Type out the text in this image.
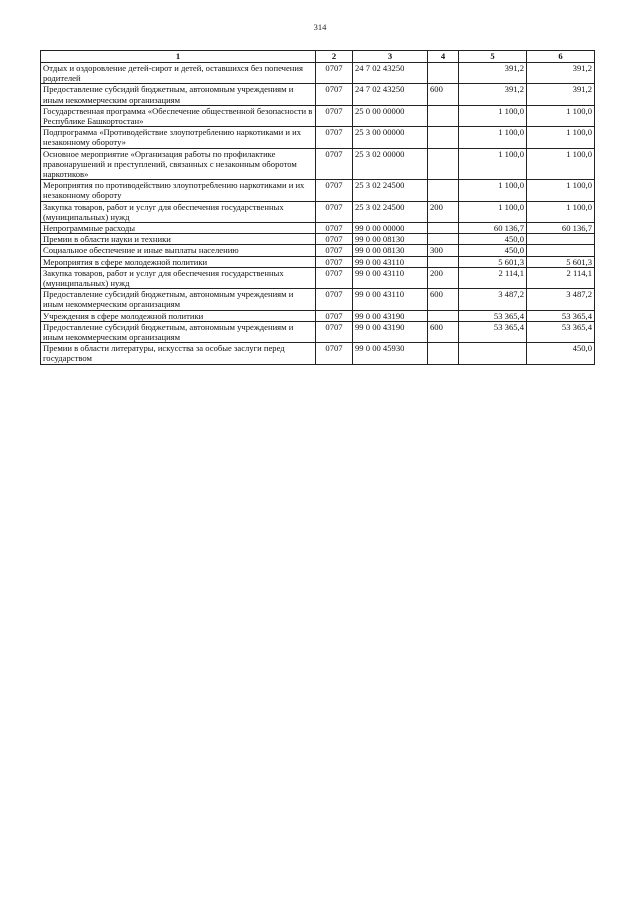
314
1	2	3	4	5	6
Отдых и оздоровление детей-сирот и детей, оставшихся без попечения родителей	0707	24 7 02 43250		391,2	391,2
Предоставление субсидий бюджетным, автономным учреждениям и иным некоммерческим организациям	0707	24 7 02 43250	600	391,2	391,2
Государственная программа «Обеспечение общественной безопасности в Республике Башкортостан»	0707	25 0 00 00000		1 100,0	1 100,0
Подпрограмма «Противодействие злоупотреблению наркотиками и их незаконному обороту»	0707	25 3 00 00000		1 100,0	1 100,0
Основное мероприятие «Организация работы по профилактике правонарушений и преступлений, связанных с незаконным оборотом наркотиков»	0707	25 3 02 00000		1 100,0	1 100,0
Мероприятия по противодействию злоупотреблению наркотиками и их незаконному обороту	0707	25 3 02 24500		1 100,0	1 100,0
Закупка товаров, работ и услуг для обеспечения государственных (муниципальных) нужд	0707	25 3 02 24500	200	1 100,0	1 100,0
Непрограммные расходы	0707	99 0 00 00000		60 136,7	60 136,7
Премии в области науки и техники	0707	99 0 00 08130		450,0	
Социальное обеспечение и иные выплаты населению	0707	99 0 00 08130	300	450,0	
Мероприятия в сфере молодежной политики	0707	99 0 00 43110		5 601,3	5 601,3
Закупка товаров, работ и услуг для обеспечения государственных (муниципальных) нужд	0707	99 0 00 43110	200	2 114,1	2 114,1
Предоставление субсидий бюджетным, автономным учреждениям и иным некоммерческим организациям	0707	99 0 00 43110	600	3 487,2	3 487,2
Учреждения в сфере молодежной политики	0707	99 0 00 43190		53 365,4	53 365,4
Предоставление субсидий бюджетным, автономным учреждениям и иным некоммерческим организациям	0707	99 0 00 43190	600	53 365,4	53 365,4
Премии в области литературы, искусства за особые заслуги перед государством	0707	99 0 00 45930			450,0
